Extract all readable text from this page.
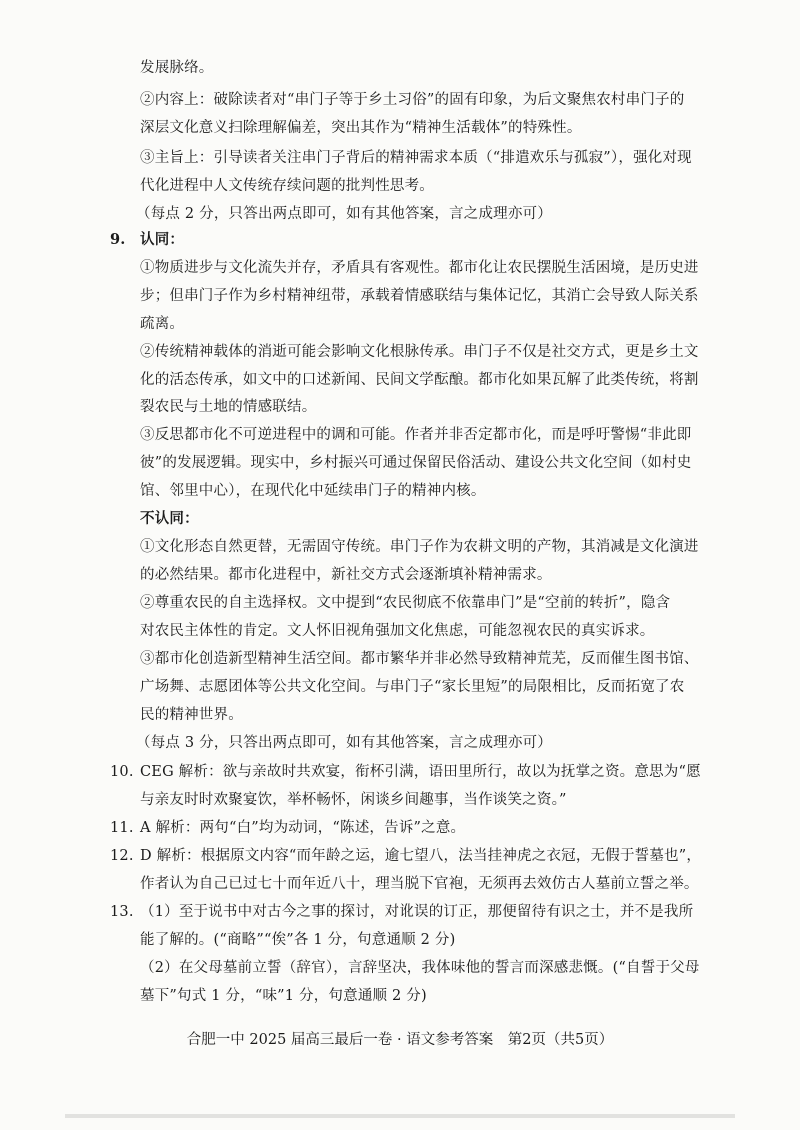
发展脉络。
②内容上：破除读者对“串门子等于乡土习俗”的固有印象，为后文聚焦农村串门子的
深层文化意义扫除理解偏差，突出其作为“精神生活载体”的特殊性。
③主旨上：引导读者关注串门子背后的精神需求本质（“排遣欢乐与孤寂”），强化对现
代化进程中人文传统存续问题的批判性思考。
（每点 2 分，只答出两点即可，如有其他答案，言之成理亦可）
9. 认同：
①物质进步与文化流失并存，矛盾具有客观性。都市化让农民摆脱生活困境，是历史进
步；但串门子作为乡村精神纽带，承载着情感联结与集体记忆，其消亡会导致人际关系
疏离。
②传统精神载体的消逝可能会影响文化根脉传承。串门子不仅是社交方式，更是乡土文
化的活态传承，如文中的口述新闻、民间文学酝酿。都市化如果瓦解了此类传统，将割
裂农民与土地的情感联结。
③反思都市化不可逆进程中的调和可能。作者并非否定都市化，而是呼吁警惕“非此即
彼”的发展逻辑。现实中，乡村振兴可通过保留民俗活动、建设公共文化空间（如村史
馆、邻里中心），在现代化中延续串门子的精神内核。
不认同：
①文化形态自然更替，无需固守传统。串门子作为农耕文明的产物，其消减是文化演进
的必然结果。都市化进程中，新社交方式会逐渐填补精神需求。
②尊重农民的自主选择权。文中提到“农民彻底不依靠串门”是“空前的转折”，隐含
对农民主体性的肯定。文人怀旧视角强加文化焦虑，可能忽视农民的真实诉求。
③都市化创造新型精神生活空间。都市繁华并非必然导致精神荒芜，反而催生图书馆、
广场舞、志愿团体等公共文化空间。与串门子“家长里短”的局限相比，反而拓宽了农
民的精神世界。
（每点 3 分，只答出两点即可，如有其他答案，言之成理亦可）
10. CEG 解析：欲与亲故时共欢宴，衔杯引满，语田里所行，故以为抚掌之资。意思为“愿
与亲友时时欢聚宴饮，举杯畅怀，闲谈乡间趣事，当作谈笑之资。”
11. A 解析：两句“白”均为动词，“陈述，告诉”之意。
12. D 解析：根据原文内容“而年龄之运，逾七望八，法当挂神虎之衣冠，无假于誓墓也”，
作者认为自己已过七十而年近八十，理当脱下官袍，无须再去效仿古人墓前立誓之举。
13. （1）至于说书中对古今之事的探讨，对讹误的订正，那便留待有识之士，并不是我所
能了解的。(“商略”“俟”各 1 分，句意通顺 2 分)
（2）在父母墓前立誓（辞官），言辞坚决，我体味他的誓言而深感悲慨。(“自誓于父母
墓下”句式 1 分，“味”1 分，句意通顺 2 分)
合肥一中 2025 届高三最后一卷 · 语文参考答案　第2页（共5页）
